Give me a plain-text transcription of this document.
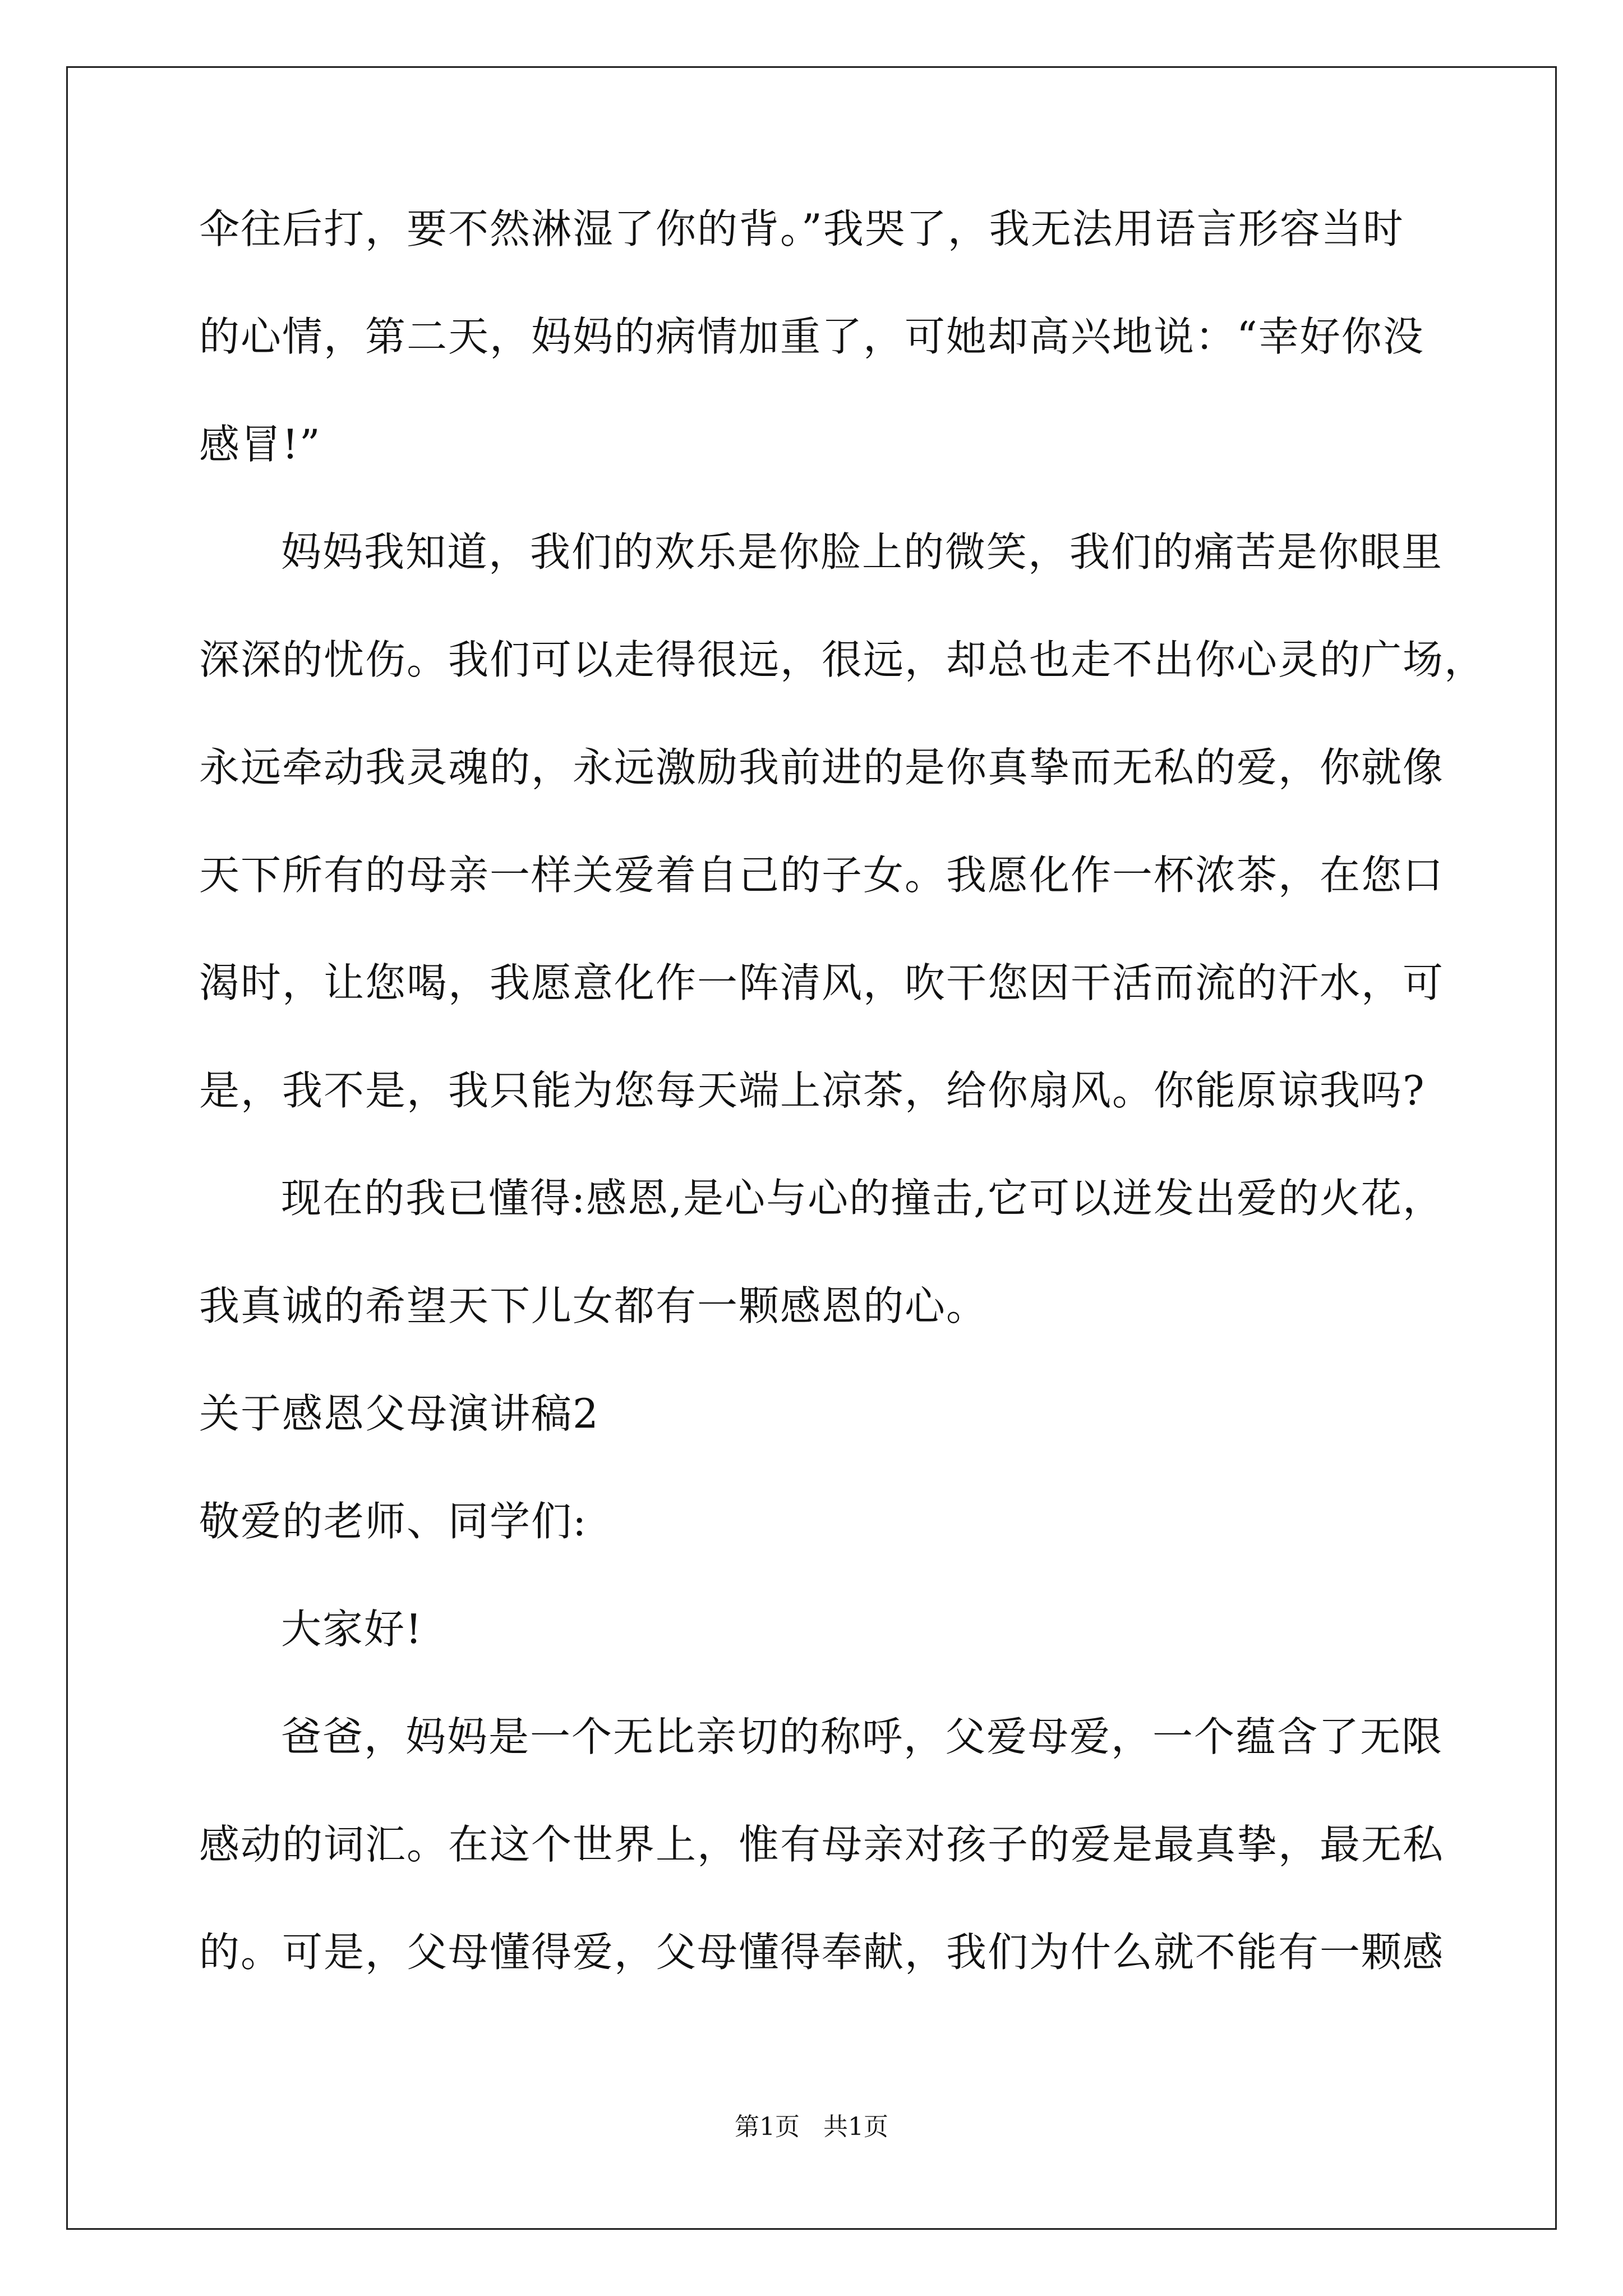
伞往后打，要不然淋湿了你的背。”我哭了，我无法用语言形容当时
的心情，第二天，妈妈的病情加重了，可她却高兴地说：“幸好你没
感冒!”
妈妈我知道，我们的欢乐是你脸上的微笑，我们的痛苦是你眼里
深深的忧伤。我们可以走得很远，很远，却总也走不出你心灵的广场，
永远牵动我灵魂的，永远激励我前进的是你真挚而无私的爱，你就像
天下所有的母亲一样关爱着自己的子女。我愿化作一杯浓茶，在您口
渴时，让您喝，我愿意化作一阵清风，吹干您因干活而流的汗水，可
是，我不是，我只能为您每天端上凉茶，给你扇风。你能原谅我吗?
现在的我已懂得:感恩,是心与心的撞击,它可以迸发出爱的火花，
我真诚的希望天下儿女都有一颗感恩的心。
关于感恩父母演讲稿2
敬爱的老师、同学们:
大家好!
爸爸，妈妈是一个无比亲切的称呼，父爱母爱，一个蕴含了无限
感动的词汇。在这个世界上，惟有母亲对孩子的爱是最真挚，最无私
的。可是，父母懂得爱，父母懂得奉献，我们为什么就不能有一颗感
第1页   共1页
